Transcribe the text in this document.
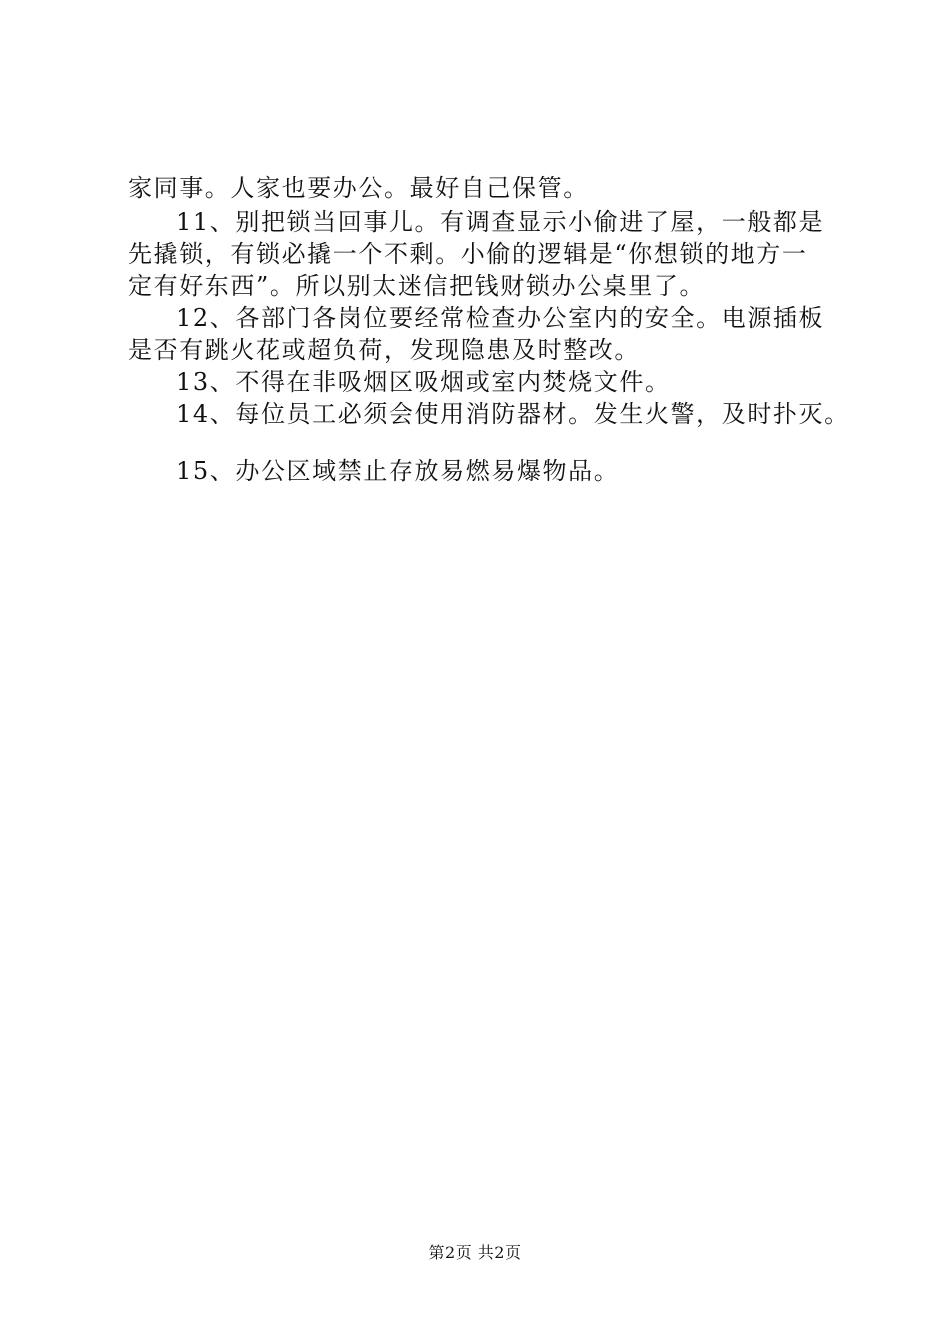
家同事。人家也要办公。最好自己保管。
11、别把锁当回事儿。有调查显示小偷进了屋，一般都是
先撬锁，有锁必撬一个不剩。小偷的逻辑是“你想锁的地方一
定有好东西”。所以别太迷信把钱财锁办公桌里了。
12、各部门各岗位要经常检查办公室内的安全。电源插板
是否有跳火花或超负荷，发现隐患及时整改。
13、不得在非吸烟区吸烟或室内焚烧文件。
14、每位员工必须会使用消防器材。发生火警，及时扑灭。
15、办公区域禁止存放易燃易爆物品。
第2页 共2页
